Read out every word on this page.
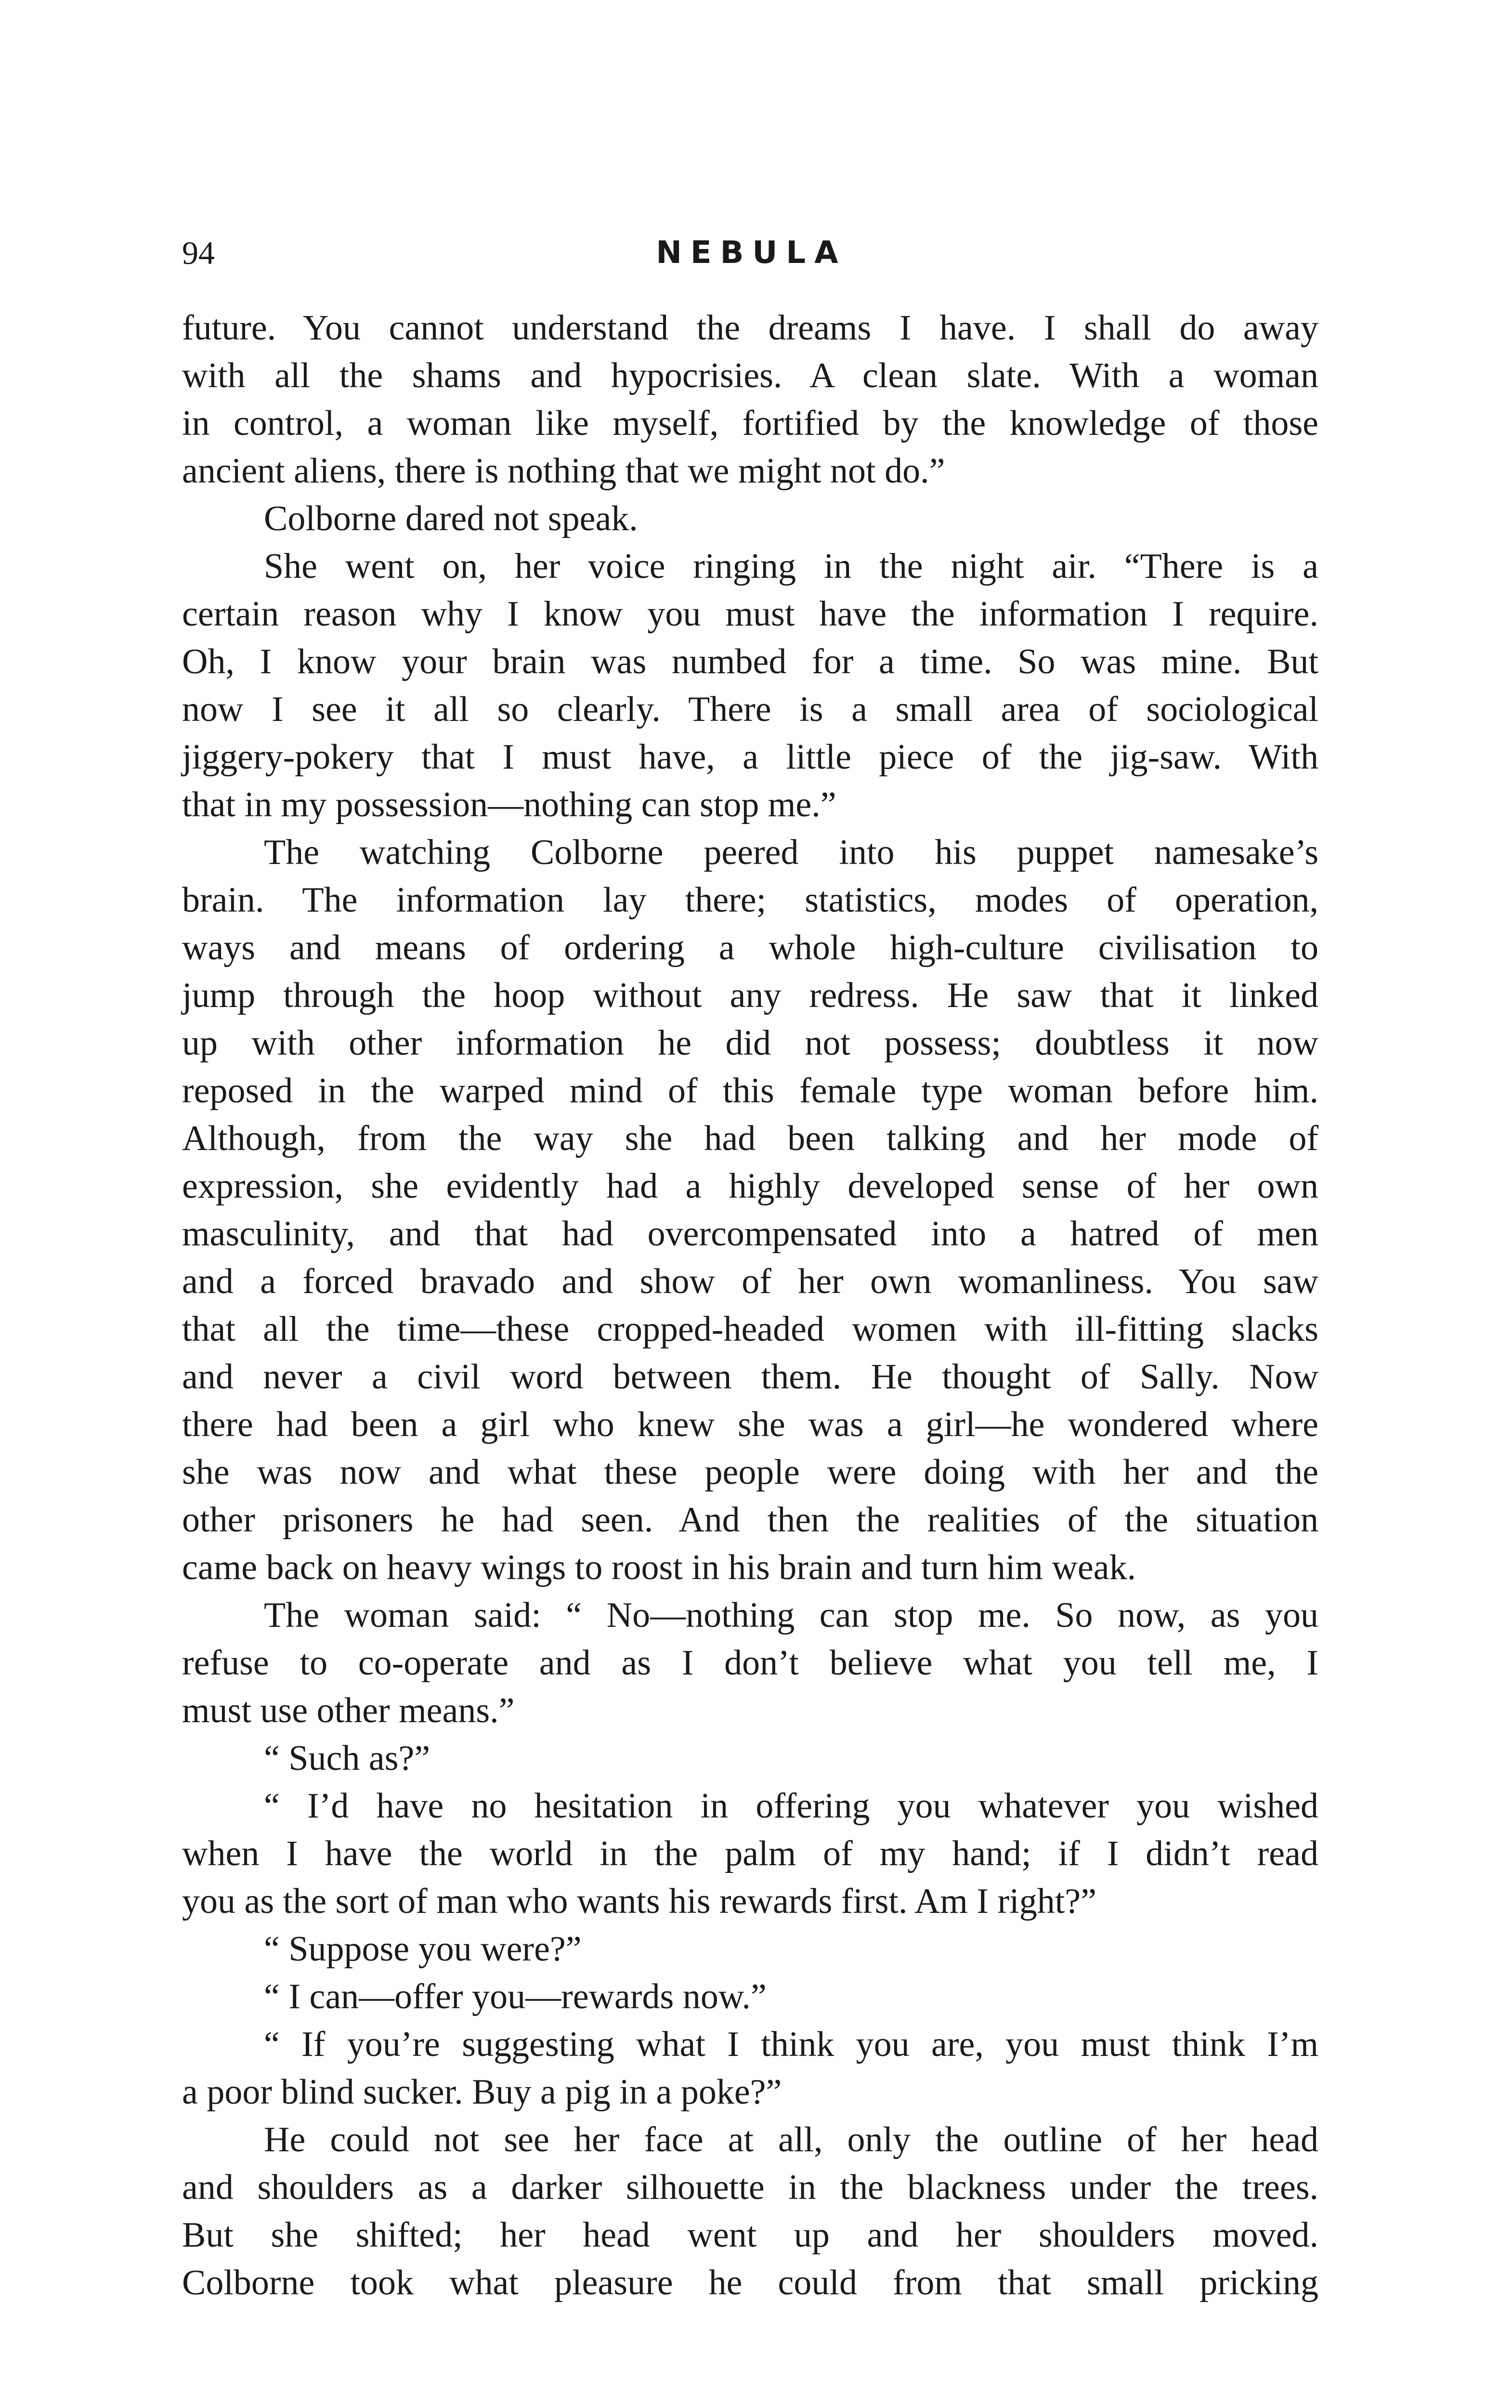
94	NEBULA
future. You cannot understand the dreams I have. I shall do away
with all the shams and hypocrisies. A clean slate. With a woman
in control, a woman like myself, fortified by the knowledge of those
ancient aliens, there is nothing that we might not do.”
Colborne dared not speak.
She went on, her voice ringing in the night air. “There is a
certain reason why I know you must have the information I require.
Oh, I know your brain was numbed for a time. So was mine. But
now I see it all so clearly. There is a small area of sociological
jiggery-pokery that I must have, a little piece of the jig-saw. With
that in my possession—nothing can stop me.”
The watching Colborne peered into his puppet namesake’s
brain. The information lay there; statistics, modes of operation,
ways and means of ordering a whole high-culture civilisation to
jump through the hoop without any redress. He saw that it linked
up with other information he did not possess; doubtless it now
reposed in the warped mind of this female type woman before him.
Although, from the way she had been talking and her mode of
expression, she evidently had a highly developed sense of her own
masculinity, and that had overcompensated into a hatred of men
and a forced bravado and show of her own womanliness. You saw
that all the time—these cropped-headed women with ill-fitting slacks
and never a civil word between them. He thought of Sally. Now
there had been a girl who knew she was a girl—he wondered where
she was now and what these people were doing with her and the
other prisoners he had seen. And then the realities of the situation
came back on heavy wings to roost in his brain and turn him weak.
The woman said: “ No—nothing can stop me. So now, as you
refuse to co-operate and as I don’t believe what you tell me, I
must use other means.”
“ Such as?”
“ I’d have no hesitation in offering you whatever you wished
when I have the world in the palm of my hand; if I didn’t read
you as the sort of man who wants his rewards first. Am I right?”
“ Suppose you were?”
“ I can—offer you—rewards now.”
“ If you’re suggesting what I think you are, you must think I’m
a poor blind sucker. Buy a pig in a poke?”
He could not see her face at all, only the outline of her head
and shoulders as a darker silhouette in the blackness under the trees.
But she shifted; her head went up and her shoulders moved.
Colborne took what pleasure he could from that small pricking
